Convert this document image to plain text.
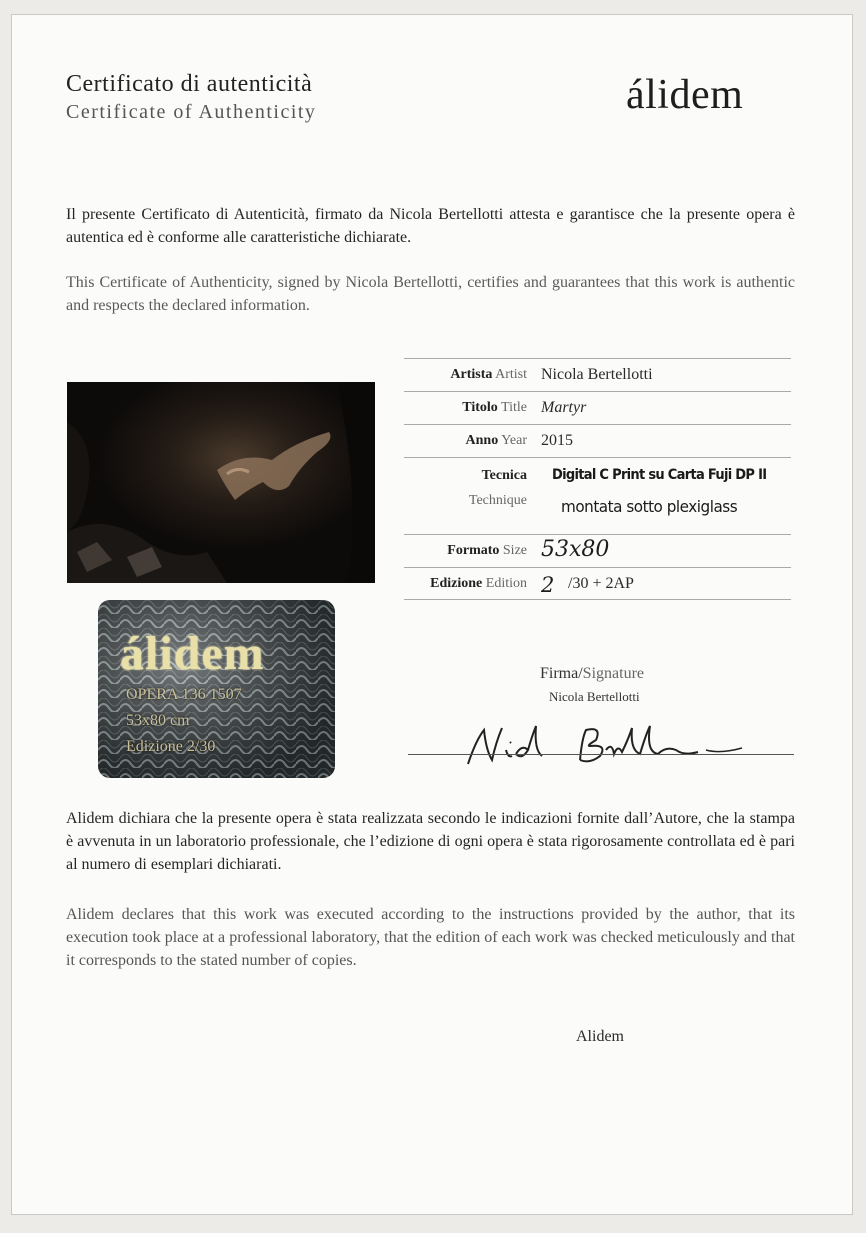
Certificato di autenticità
Certificate of Authenticity	álidem
Il presente Certificato di Autenticità, firmato da Nicola Bertellotti attesta e garantisce che la presente opera è autentica ed è conforme alle caratteristiche dichiarate.
This Certificate of Authenticity, signed by Nicola Bertellotti, certifies and guarantees that this work is authentic and respects the declared information.
álidem
OPERA 136 1507
53x80 cm
Edizione 2/30
Artista Artist Nicola Bertellotti
Titolo Title Martyr
Anno Year 2015
Tecnica
Technique
Digital C Print su Carta Fuji DP II
montata sotto plexiglass
Formato Size 53x80
Edizione Edition 2 /30 + 2AP
Firma/Signature
Nicola Bertellotti
Alidem dichiara che la presente opera è stata realizzata secondo le indicazioni fornite dall’Autore, che la stampa è avvenuta in un laboratorio professionale, che l’edizione di ogni opera è stata rigorosamente controllata ed è pari al numero di esemplari dichiarati.
Alidem declares that this work was executed according to the instructions provided by the author, that its execution took place at a professional laboratory, that the edition of each work was checked meticulously and that it corresponds to the stated number of copies.
Alidem
